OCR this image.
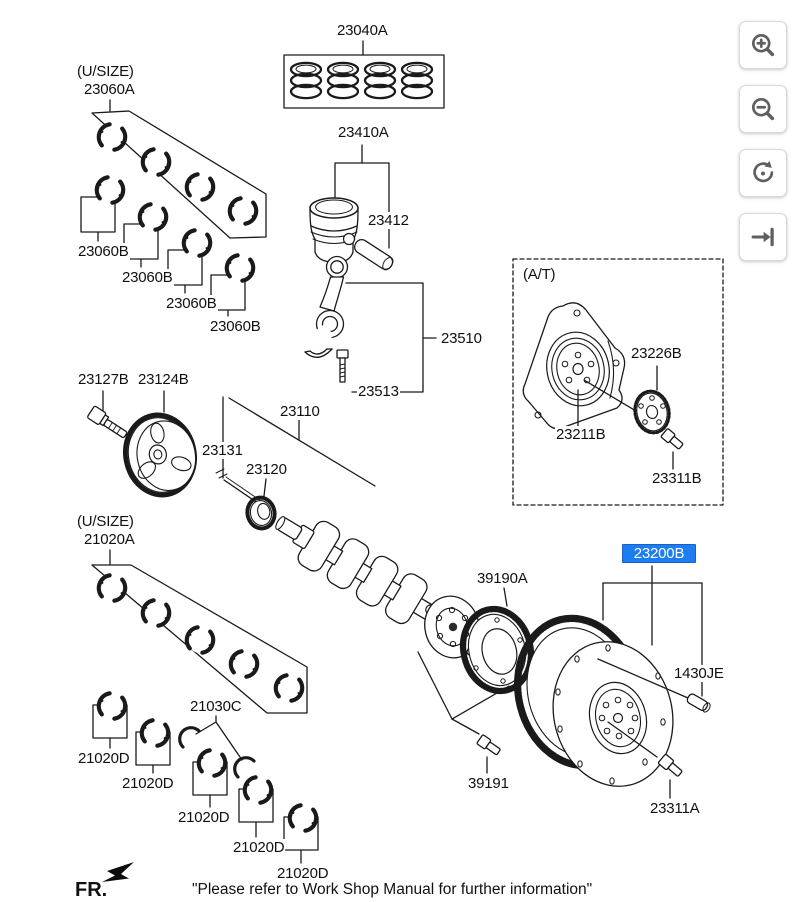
(U/SIZE)
23060A
23040A
23410A
23412
23060B
23060B
23060B
23060B
(A/T)
23510
23226B
23513
23127B 23124B
23110
23211B
23131
23120
23311B
(U/SIZE)
21020A
23200B
39190A
1430JE
21030C
21020D
21020D	39191
21020D
23311A
21020D
21020D
FR.	"Please refer to Work Shop Manual for further information"
